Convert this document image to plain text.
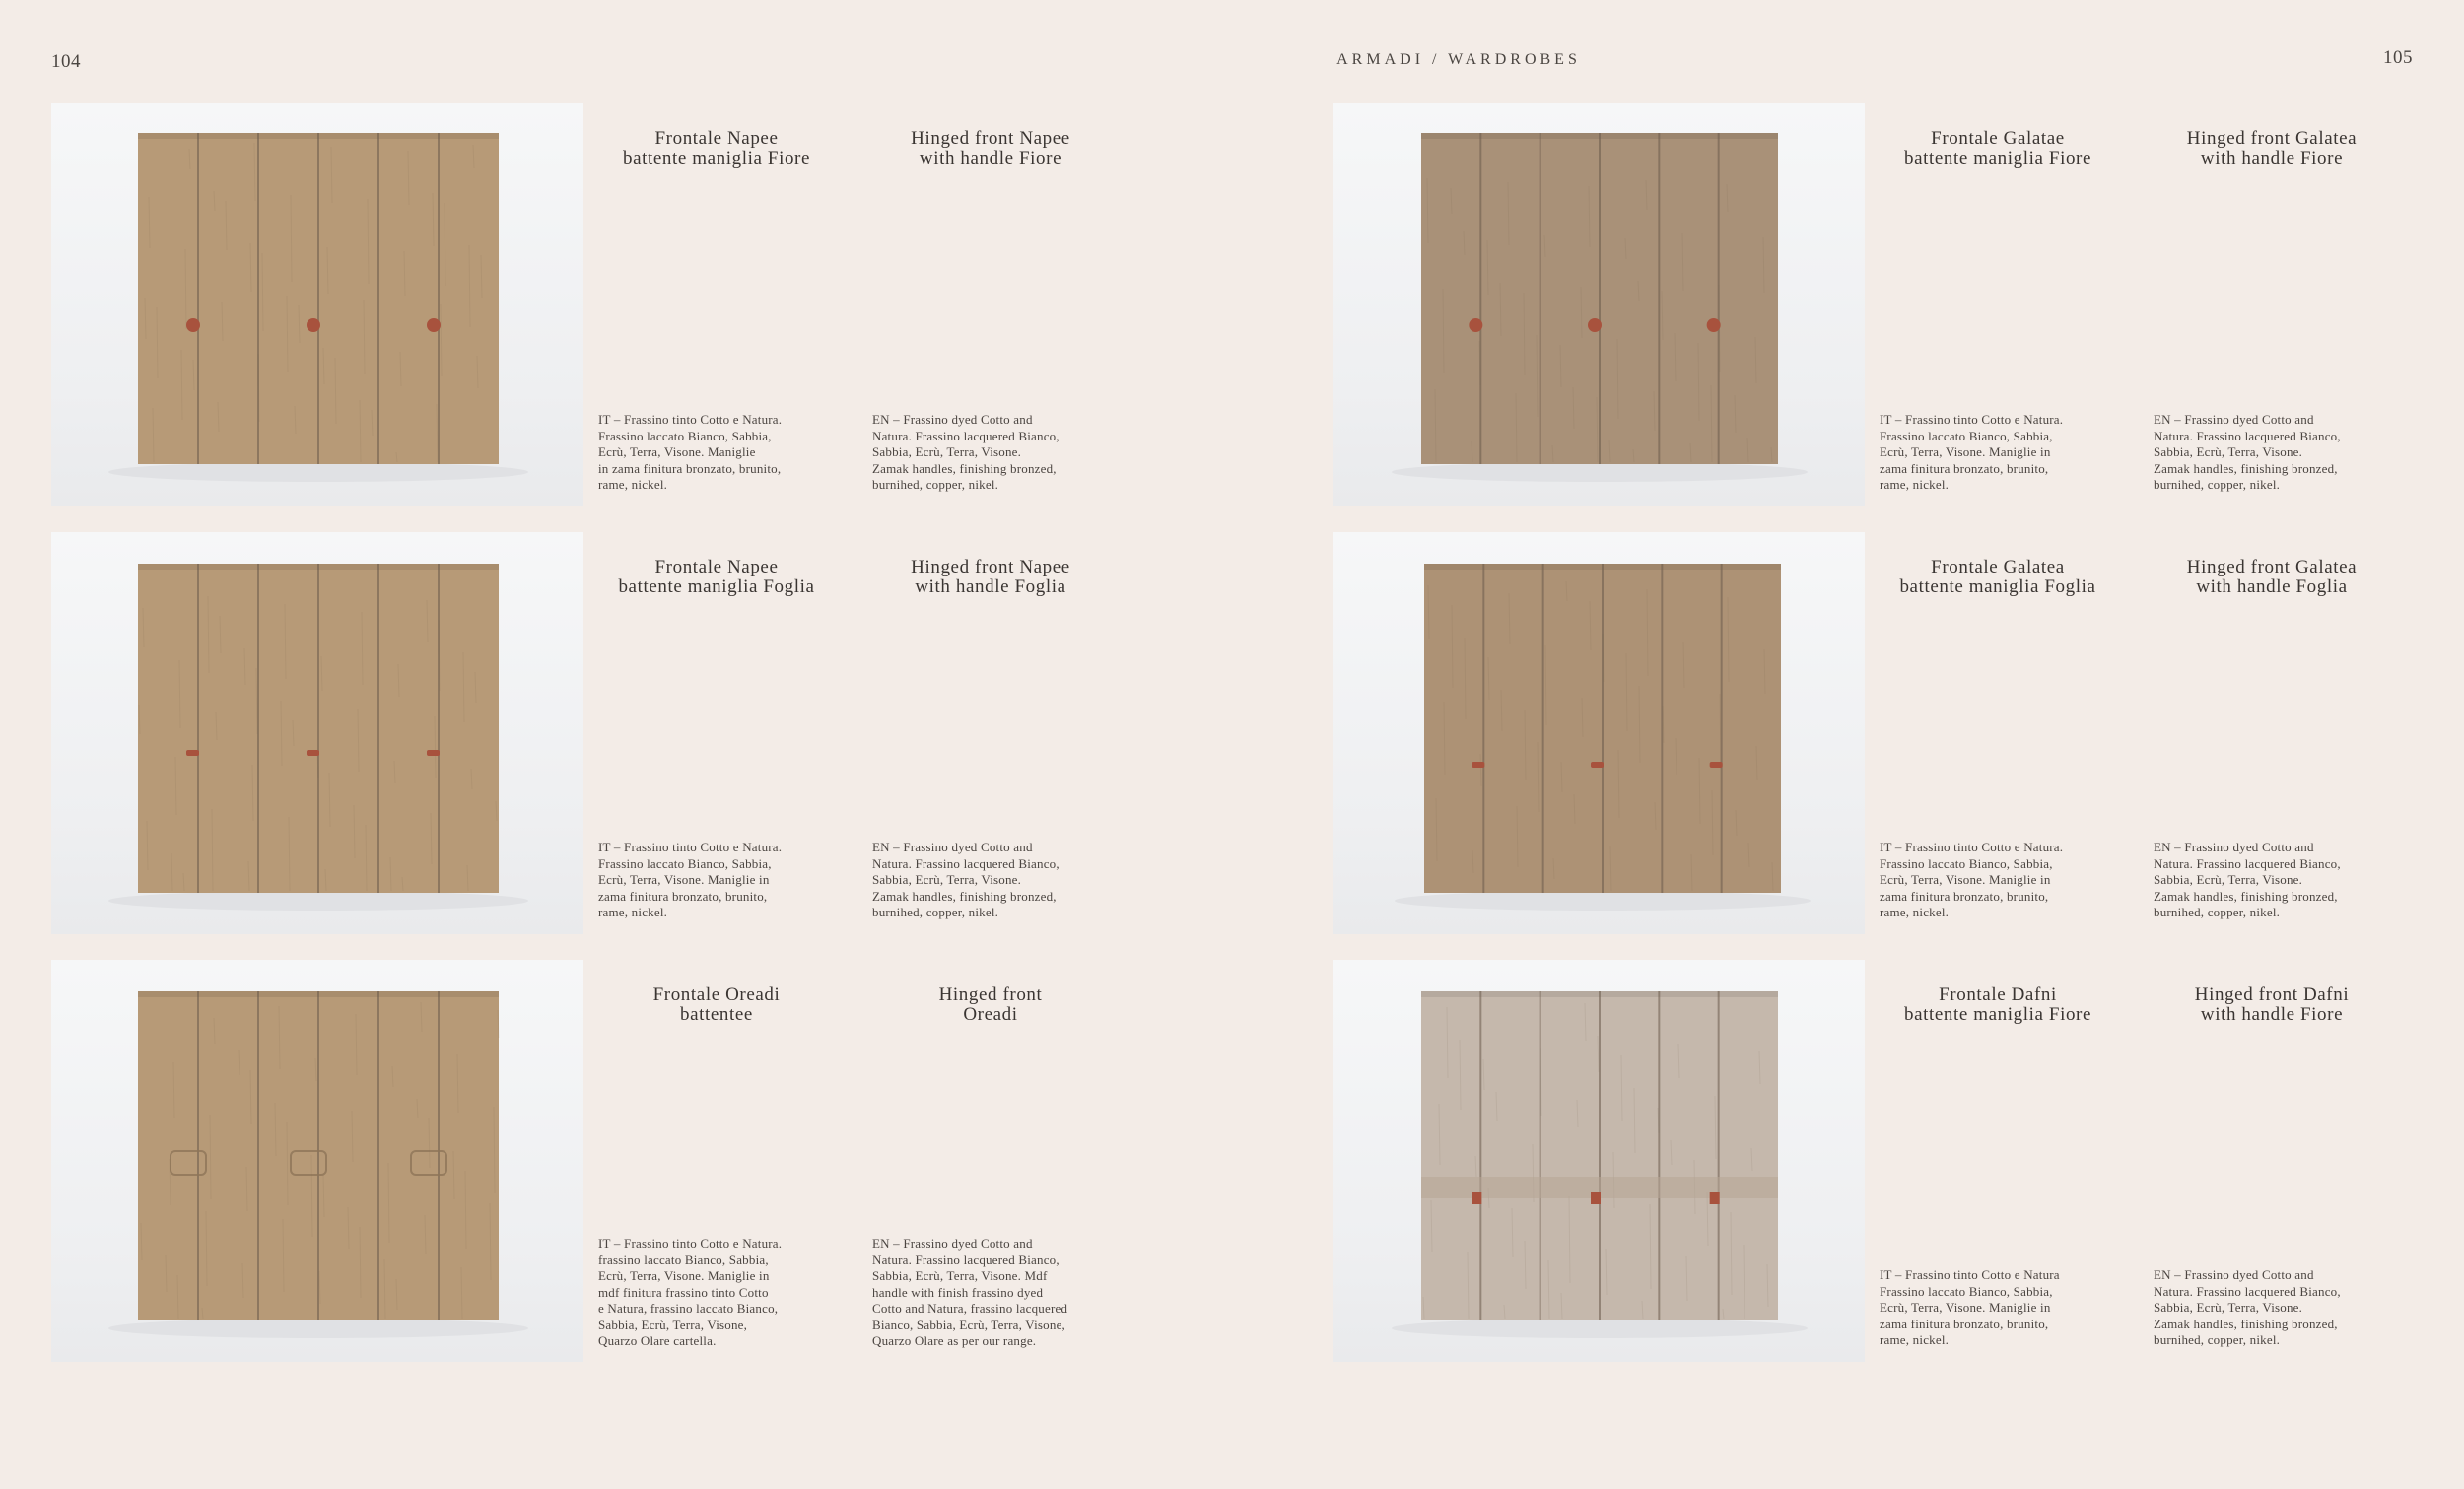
104	ARMADI / WARDROBES	105
Frontale Napee
battente maniglia Fiore
Hinged front Napee
with handle Fiore
IT – Frassino tinto Cotto e Natura.
Frassino laccato Bianco, Sabbia,
Ecrù, Terra, Visone. Maniglie
in zama finitura bronzato, brunito,
rame, nickel.
EN – Frassino dyed Cotto and
Natura. Frassino lacquered Bianco,
Sabbia, Ecrù, Terra, Visone.
Zamak handles, finishing bronzed,
burnihed, copper, nikel.
Frontale Galatae
battente maniglia Fiore
Hinged front Galatea
with handle Fiore
IT – Frassino tinto Cotto e Natura.
Frassino laccato Bianco, Sabbia,
Ecrù, Terra, Visone. Maniglie in
zama finitura bronzato, brunito,
rame, nickel.
EN – Frassino dyed Cotto and
Natura. Frassino lacquered Bianco,
Sabbia, Ecrù, Terra, Visone.
Zamak handles, finishing bronzed,
burnihed, copper, nikel.
Frontale Napee
battente maniglia Foglia
Hinged front Napee
with handle Foglia
IT – Frassino tinto Cotto e Natura.
Frassino laccato Bianco, Sabbia,
Ecrù, Terra, Visone. Maniglie in
zama finitura bronzato, brunito,
rame, nickel.
EN – Frassino dyed Cotto and
Natura. Frassino lacquered Bianco,
Sabbia, Ecrù, Terra, Visone.
Zamak handles, finishing bronzed,
burnihed, copper, nikel.
Frontale Galatea
battente maniglia Foglia
Hinged front Galatea
with handle Foglia
IT – Frassino tinto Cotto e Natura.
Frassino laccato Bianco, Sabbia,
Ecrù, Terra, Visone. Maniglie in
zama finitura bronzato, brunito,
rame, nickel.
EN – Frassino dyed Cotto and
Natura. Frassino lacquered Bianco,
Sabbia, Ecrù, Terra, Visone.
Zamak handles, finishing bronzed,
burnihed, copper, nikel.
Frontale Oreadi
battentee
Hinged front
Oreadi
IT – Frassino tinto Cotto e Natura.
frassino laccato Bianco, Sabbia,
Ecrù, Terra, Visone. Maniglie in
mdf finitura frassino tinto Cotto
e Natura, frassino laccato Bianco,
Sabbia, Ecrù, Terra, Visone,
Quarzo Olare cartella.
EN – Frassino dyed Cotto and
Natura. Frassino lacquered Bianco,
Sabbia, Ecrù, Terra, Visone. Mdf
handle with finish frassino dyed
Cotto and Natura, frassino lacquered
Bianco, Sabbia, Ecrù, Terra, Visone,
Quarzo Olare as per our range.
Frontale Dafni
battente maniglia Fiore
Hinged front Dafni
with handle Fiore
IT – Frassino tinto Cotto e Natura
Frassino laccato Bianco, Sabbia,
Ecrù, Terra, Visone. Maniglie in
zama finitura bronzato, brunito,
rame, nickel.
EN – Frassino dyed Cotto and
Natura. Frassino lacquered Bianco,
Sabbia, Ecrù, Terra, Visone.
Zamak handles, finishing bronzed,
burnihed, copper, nikel.
